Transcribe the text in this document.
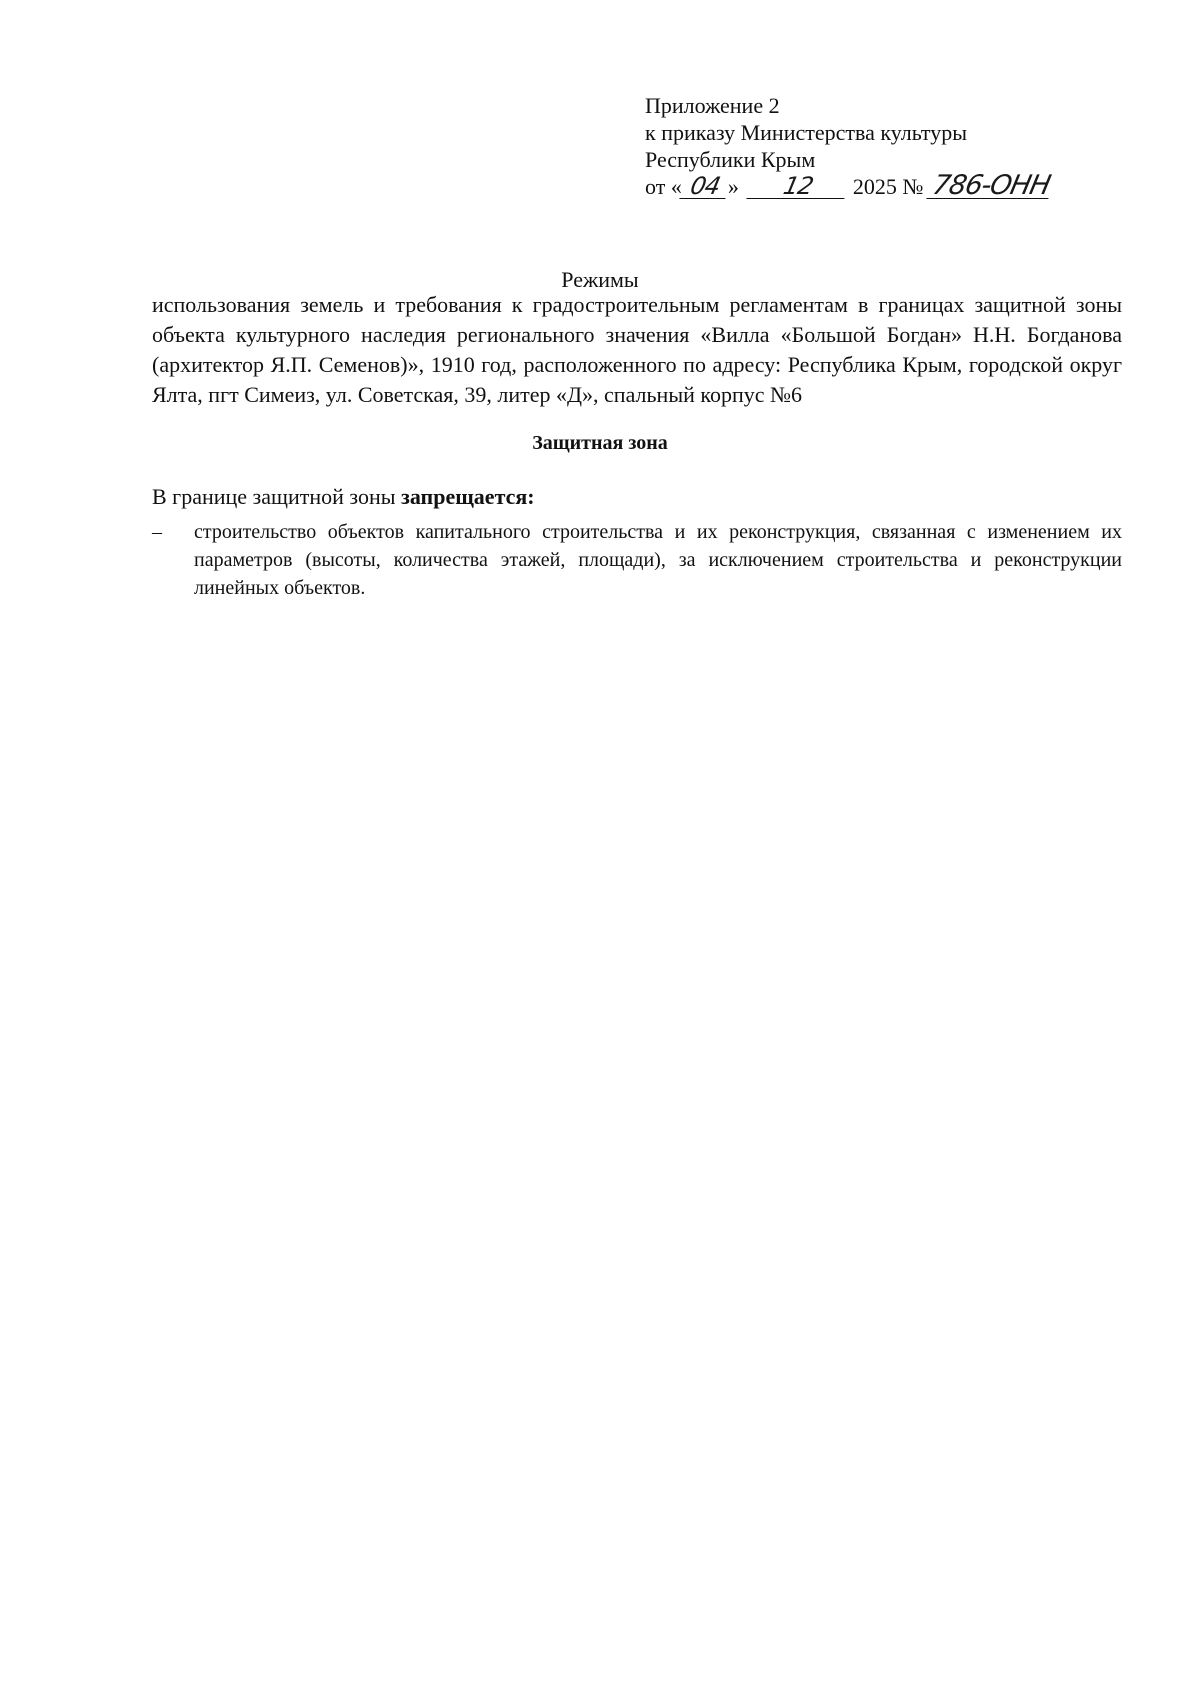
Приложение 2
к приказу Министерства культуры
Республики Крым
от « 04 » 12 2025 № 786-ОНН
Режимы
использования земель и требования к градостроительным регламентам в границах защитной зоны объекта культурного наследия регионального значения «Вилла «Большой Богдан» Н.Н. Богданова (архитектор Я.П. Семенов)», 1910 год, расположенного по адресу: Республика Крым, городской округ Ялта, пгт Симеиз, ул. Советская, 39, литер «Д», спальный корпус №6
Защитная зона
В границе защитной зоны запрещается:
– строительство объектов капитального строительства и их реконструкция, связанная с изменением их параметров (высоты, количества этажей, площади), за исключением строительства и реконструкции линейных объектов.
